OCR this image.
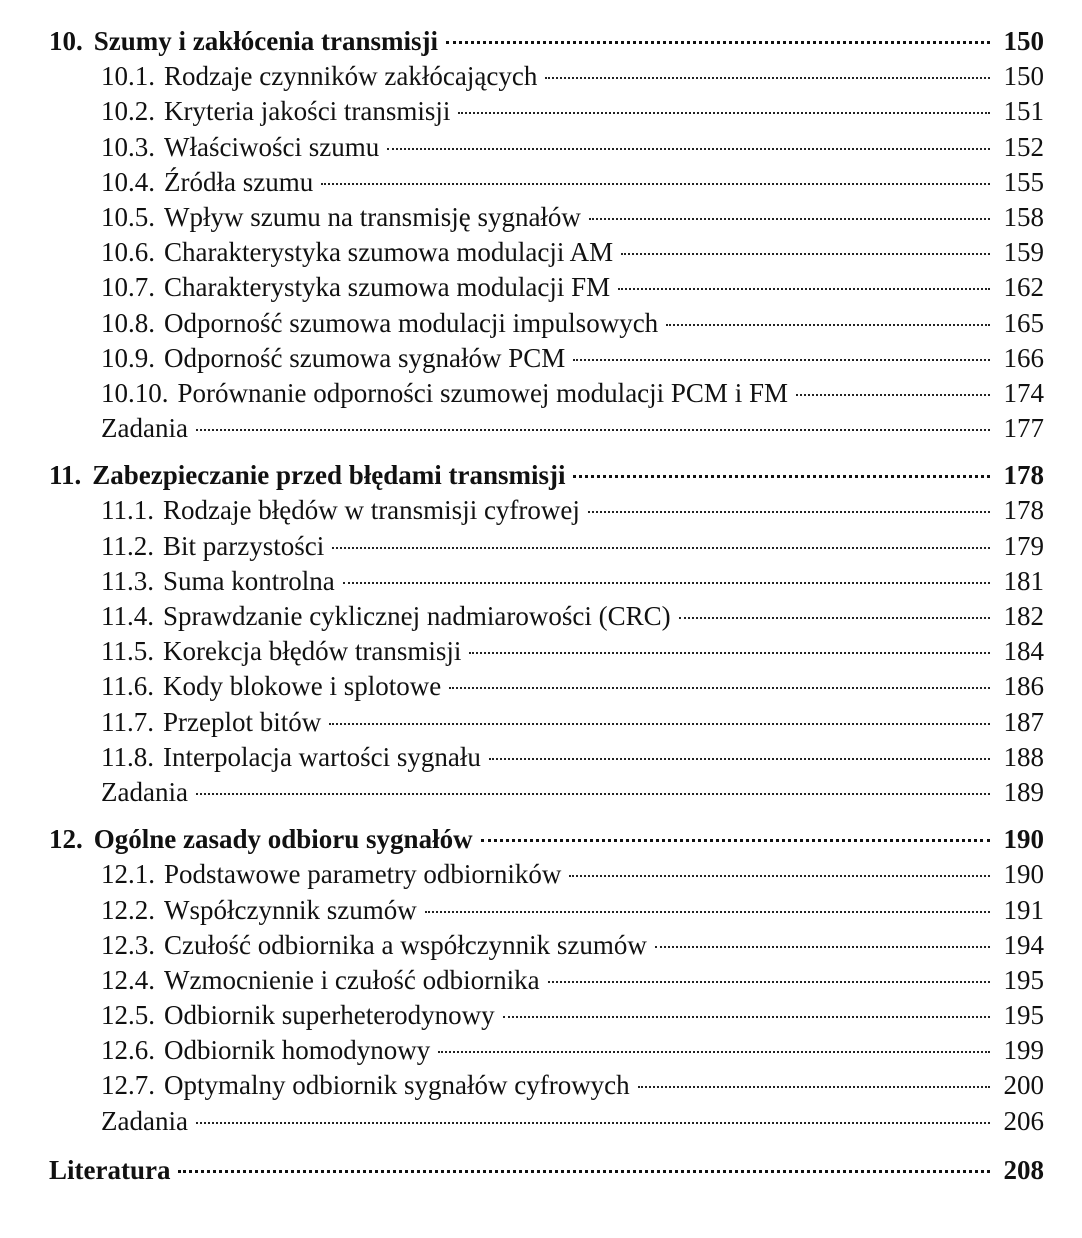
10. Szumy i zakłócenia transmisji	150
10.1. Rodzaje czynników zakłócających	150
10.2. Kryteria jakości transmisji	151
10.3. Właściwości szumu	152
10.4. Źródła szumu	155
10.5. Wpływ szumu na transmisję sygnałów	158
10.6. Charakterystyka szumowa modulacji AM	159
10.7. Charakterystyka szumowa modulacji FM	162
10.8. Odporność szumowa modulacji impulsowych	165
10.9. Odporność szumowa sygnałów PCM	166
10.10. Porównanie odporności szumowej modulacji PCM i FM	174
Zadania	177
11. Zabezpieczanie przed błędami transmisji	178
11.1. Rodzaje błędów w transmisji cyfrowej	178
11.2. Bit parzystości	179
11.3. Suma kontrolna	181
11.4. Sprawdzanie cyklicznej nadmiarowości (CRC)	182
11.5. Korekcja błędów transmisji	184
11.6. Kody blokowe i splotowe	186
11.7. Przeplot bitów	187
11.8. Interpolacja wartości sygnału	188
Zadania	189
12. Ogólne zasady odbioru sygnałów	190
12.1. Podstawowe parametry odbiorników	190
12.2. Współczynnik szumów	191
12.3. Czułość odbiornika a współczynnik szumów	194
12.4. Wzmocnienie i czułość odbiornika	195
12.5. Odbiornik superheterodynowy	195
12.6. Odbiornik homodynowy	199
12.7. Optymalny odbiornik sygnałów cyfrowych	200
Zadania	206
Literatura	208
